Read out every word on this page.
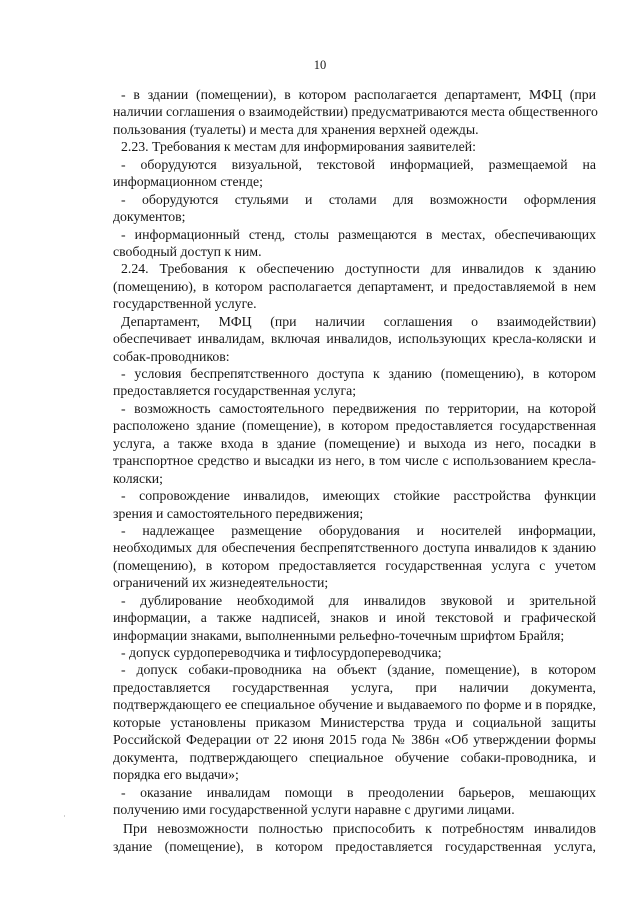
10

- в здании (помещении), в котором располагается департамент, МФЦ (при
наличии соглашения о взаимодействии) предусматриваются места общественного
пользования (туалеты) и места для хранения верхней одежды.
2.23. Требования к местам для информирования заявителей:
- оборудуются визуальной, текстовой информацией, размещаемой на
информационном стенде;
- оборудуются стульями и столами для возможности оформления
документов;
- информационный стенд, столы размещаются в местах, обеспечивающих
свободный доступ к ним.
2.24. Требования к обеспечению доступности для инвалидов к зданию
(помещению), в котором располагается департамент, и предоставляемой в нем
государственной услуге.
Департамент, МФЦ (при наличии соглашения о взаимодействии)
обеспечивает инвалидам, включая инвалидов, использующих кресла-коляски и
собак-проводников:
- условия беспрепятственного доступа к зданию (помещению), в котором
предоставляется государственная услуга;
- возможность самостоятельного передвижения по территории, на которой
расположено здание (помещение), в котором предоставляется государственная
услуга, а также входа в здание (помещение) и выхода из него, посадки в
транспортное средство и высадки из него, в том числе с использованием кресла-
коляски;
- сопровождение инвалидов, имеющих стойкие расстройства функции
зрения и самостоятельного передвижения;
- надлежащее размещение оборудования и носителей информации,
необходимых для обеспечения беспрепятственного доступа инвалидов к зданию
(помещению), в котором предоставляется государственная услуга с учетом
ограничений их жизнедеятельности;
- дублирование необходимой для инвалидов звуковой и зрительной
информации, а также надписей, знаков и иной текстовой и графической
информации знаками, выполненными рельефно-точечным шрифтом Брайля;
- допуск сурдопереводчика и тифлосурдопереводчика;
- допуск собаки-проводника на объект (здание, помещение), в котором
предоставляется государственная услуга, при наличии документа,
подтверждающего ее специальное обучение и выдаваемого по форме и в порядке,
которые установлены приказом Министерства труда и социальной защиты
Российской Федерации от 22 июня 2015 года № 386н «Об утверждении формы
документа, подтверждающего специальное обучение собаки-проводника, и
порядка его выдачи»;
- оказание инвалидам помощи в преодолении барьеров, мешающих
получению ими государственной услуги наравне с другими лицами.
При невозможности полностью приспособить к потребностям инвалидов
здание (помещение), в котором предоставляется государственная услуга,
